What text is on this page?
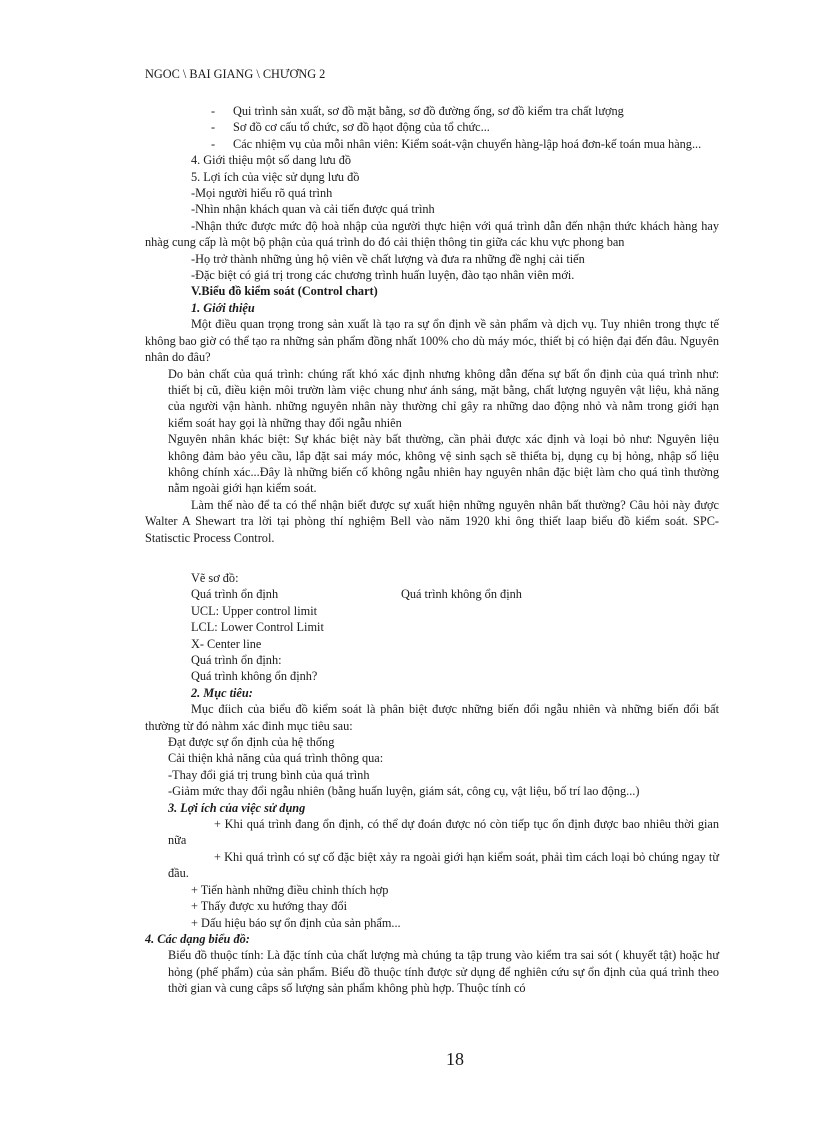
NGOC \ BAI GIANG \ CHƯƠNG 2
- Qui trình sản xuất, sơ đồ mặt bằng, sơ đồ đường ống, sơ đồ kiểm tra chất lượng
- Sơ đồ cơ cấu tổ chức, sơ đồ hạot động của tổ chức...
- Các nhiệm vụ của mỗi nhân viên: Kiểm soát-vận chuyển hàng-lập hoá đơn-kế toán mua hàng...
4. Giới thiệu một số dang lưu đồ
5. Lợi ích của việc sử dụng lưu đồ
-Mọi người hiểu rõ quá trình
-Nhìn nhận khách quan và cải tiến được quá trình
-Nhận thức được mức độ hoà nhập của người thực hiện với quá trình dẫn đến nhận thức khách hàng hay nhàg cung cấp là một bộ phận của quá trình do đó cải thiện thông tin giữa các khu vực phong ban
-Họ trở thành những ủng hộ viên về chất lượng và đưa ra những đề nghị cải tiến
-Đặc biệt có giá trị trong các chương trình huấn luyện, đào tạo nhân viên mới.
V.Biểu đồ kiểm soát (Control chart)
1. Giới thiệu
Một điều quan trọng trong sản xuất là tạo ra sự ổn định về sản phẩm và dịch vụ. Tuy nhiên trong thực tế không bao giờ có thể tạo ra những sản phẩm đồng nhất 100% cho dù máy móc, thiết bị có hiện đại đến đâu. Nguyên nhân do đâu?
Do bản chất của quá trình: chúng rất khó xác định nhưng không dẫn đếna sự bất ổn định của quá trình như: thiết bị cũ, điều kiện môi trườn làm việc chung như ánh sáng, mặt bằng, chất lượng nguyên vật liệu, khả năng của người vận hành. những nguyên nhân này thường chỉ gây ra những dao động nhỏ và nằm trong giới hạn kiểm soát hay gọi là những thay đổi ngẫu nhiên
Nguyên nhân khác biệt: Sự khác biệt này bất thường, cần phải được xác định và loại bỏ như: Nguyên liệu không đảm bảo yêu cầu, lắp đặt sai máy móc, không vệ sinh sạch sẽ thiếta bị, dụng cụ bị hỏng, nhập số liệu không chính xác...Đây là những biến cố không ngẫu nhiên hay nguyên nhân đặc biệt làm cho quá tình thường nằm ngoài giới hạn kiểm soát.
Làm thế nào để ta có thể nhận biết được sự xuất hiện những nguyên nhân bất thường? Câu hỏi này được Walter A Shewart tra lời tại phòng thí nghiệm Bell vào năm 1920 khi ông thiết laap biểu đồ kiểm soát. SPC- Statisctic Process Control.
Vẽ sơ đồ:
Quá trình ổn định	Quá trình không ổn định
UCL: Upper control limit
LCL: Lower Control Limit
X- Center line
Quá trình ổn định:
Quá trình không ổn định?
2. Mục tiêu:
Mục đíich của biểu đồ kiểm soát là phân biệt được những biến đổi ngẫu nhiên và những biến đổi bất thường từ đó nàhm xác đinh mục tiêu sau:
Đạt được sự ổn định của hệ thống
Cải thiện khả năng của quá trình thông qua:
-Thay đổi giá trị trung bình của quá trình
-Giảm mức thay đổi ngẫu nhiên (bằng huấn luyện, giám sát, công cụ, vật liệu, bố trí lao động...)
3. Lợi ích của việc sử dụng
+ Khi quá trình đang ổn định, có thể dự đoán được nó còn tiếp tục ổn định được bao nhiêu thời gian nữa
+ Khi quá trình có sự cố đặc biệt xảy ra ngoài giới hạn kiểm soát, phải tìm cách loại bỏ chúng ngay từ đầu.
+ Tiến hành những điều chỉnh thích hợp
+ Thấy được xu hướng thay đổi
+ Dấu hiệu báo sự ổn định của sản phẩm...
4. Các dạng biểu đồ:
Biểu đồ thuộc tính: Là đặc tính của chất lượng mà chúng ta tập trung vào kiểm tra sai sót ( khuyết tật) hoặc hư hỏng (phế phẩm) của sản phẩm. Biểu đồ thuộc tính được sử dụng để nghiên cứu sự ổn định của quá trình theo thời gian và cung câps số lượng sản phẩm không phù hợp. Thuộc tính có
18
